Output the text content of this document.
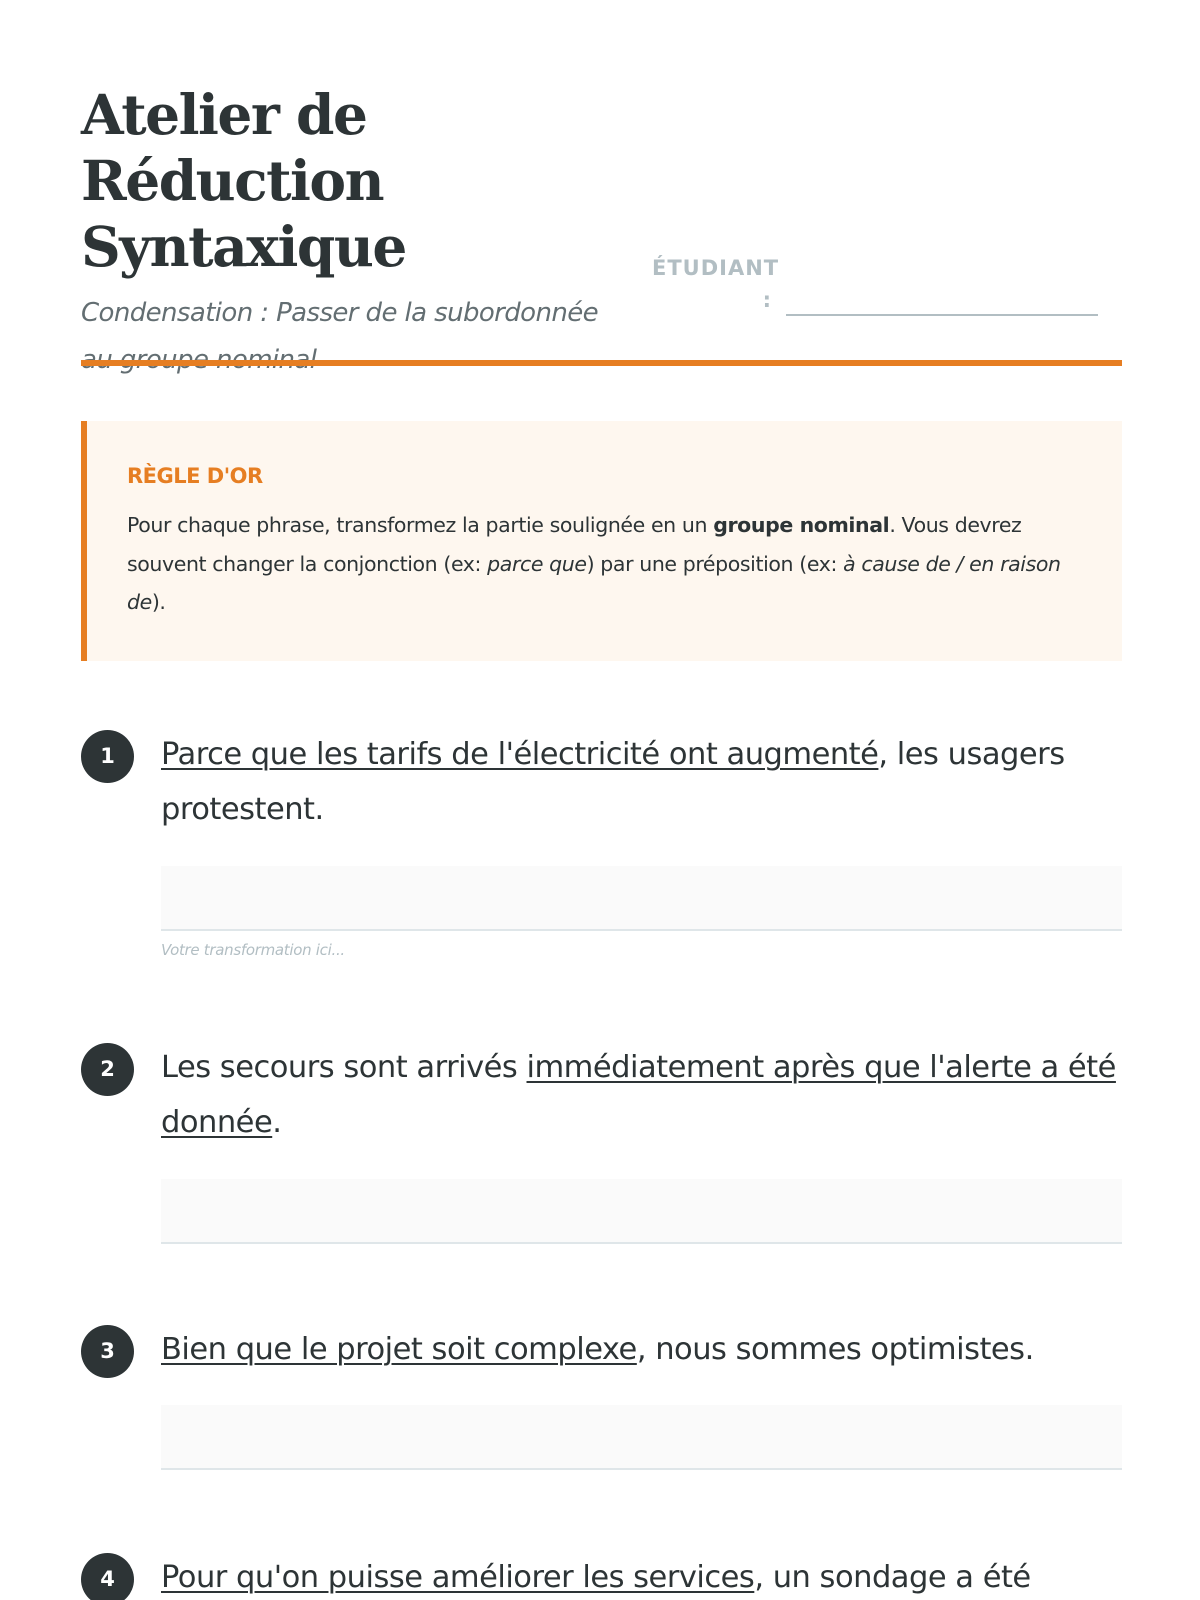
Atelier de Réduction
Syntaxique
Condensation : Passer de la subordonnée

ÉTUDIANT
:
RÈGLE D'OR
Pour chaque phrase, transformez la partie soulignée en un groupe nominal. Vous devrez souvent changer la conjonction (ex: parce que) par une préposition (ex: à cause de / en raison de).
1	Parce que les tarifs de l'électricité ont augmenté, les usagers protestent.
Votre transformation ici...
2	Les secours sont arrivés immédiatement après que l'alerte a été donnée.
3	Bien que le projet soit complexe, nous sommes optimistes.
4	Pour qu'on puisse améliorer les services, un sondage a été
